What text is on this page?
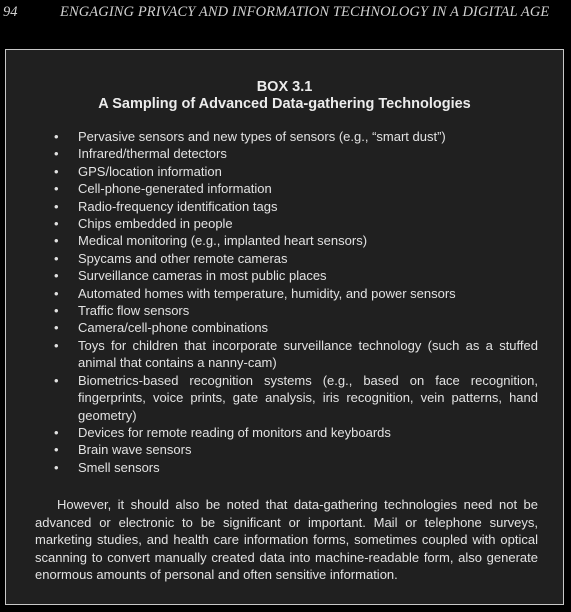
94	ENGAGING PRIVACY AND INFORMATION TECHNOLOGY IN A DIGITAL AGE
BOX 3.1
A Sampling of Advanced Data-gathering Technologies
• Pervasive sensors and new types of sensors (e.g., “smart dust”)
• Infrared/thermal detectors
• GPS/location information
• Cell-phone-generated information
• Radio-frequency identification tags
• Chips embedded in people
• Medical monitoring (e.g., implanted heart sensors)
• Spycams and other remote cameras
• Surveillance cameras in most public places
• Automated homes with temperature, humidity, and power sensors
• Traffic flow sensors
• Camera/cell-phone combinations
• Toys for children that incorporate surveillance technology (such as a stuffed animal that contains a nanny-cam)
• Biometrics-based recognition systems (e.g., based on face recognition, fingerprints, voice prints, gate analysis, iris recognition, vein patterns, hand geometry)
• Devices for remote reading of monitors and keyboards
• Brain wave sensors
• Smell sensors

However, it should also be noted that data-gathering technologies need not be advanced or electronic to be significant or important. Mail or telephone surveys, marketing studies, and health care information forms, sometimes coupled with optical scanning to convert manually created data into machine-readable form, also generate enormous amounts of personal and often sensitive information.
